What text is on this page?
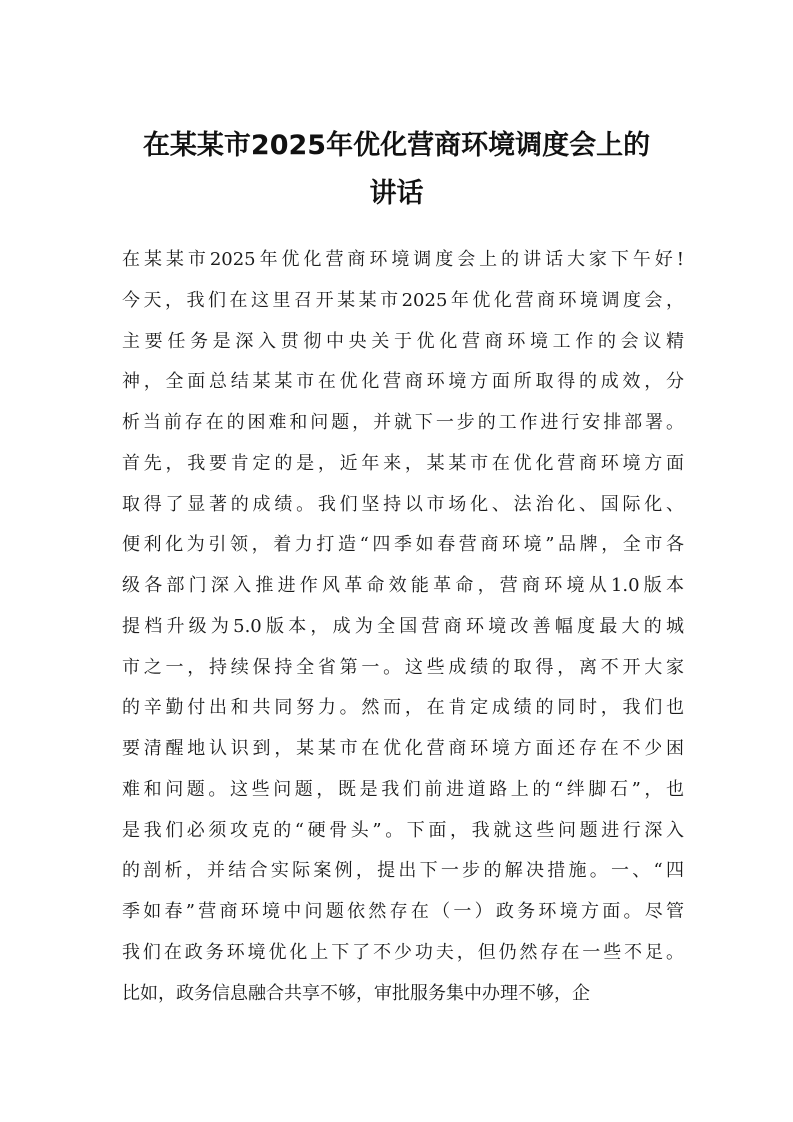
在某某市2025年优化营商环境调度会上的
讲话
在某某市2025年优化营商环境调度会上的讲话大家下午好!
今天，我们在这里召开某某市2025年优化营商环境调度会，
主要任务是深入贯彻中央关于优化营商环境工作的会议精
神，全面总结某某市在优化营商环境方面所取得的成效，分
析当前存在的困难和问题，并就下一步的工作进行安排部署。
首先，我要肯定的是，近年来，某某市在优化营商环境方面
取得了显著的成绩。我们坚持以市场化、法治化、国际化、
便利化为引领，着力打造“四季如春营商环境”品牌，全市各
级各部门深入推进作风革命效能革命，营商环境从1.0版本
提档升级为5.0版本，成为全国营商环境改善幅度最大的城
市之一，持续保持全省第一。这些成绩的取得，离不开大家
的辛勤付出和共同努力。然而，在肯定成绩的同时，我们也
要清醒地认识到，某某市在优化营商环境方面还存在不少困
难和问题。这些问题，既是我们前进道路上的“绊脚石”，也
是我们必须攻克的“硬骨头”。下面，我就这些问题进行深入
的剖析，并结合实际案例，提出下一步的解决措施。一、“四
季如春”营商环境中问题依然存在（一）政务环境方面。尽管
我们在政务环境优化上下了不少功夫，但仍然存在一些不足。
比如，政务信息融合共享不够，审批服务集中办理不够，企
